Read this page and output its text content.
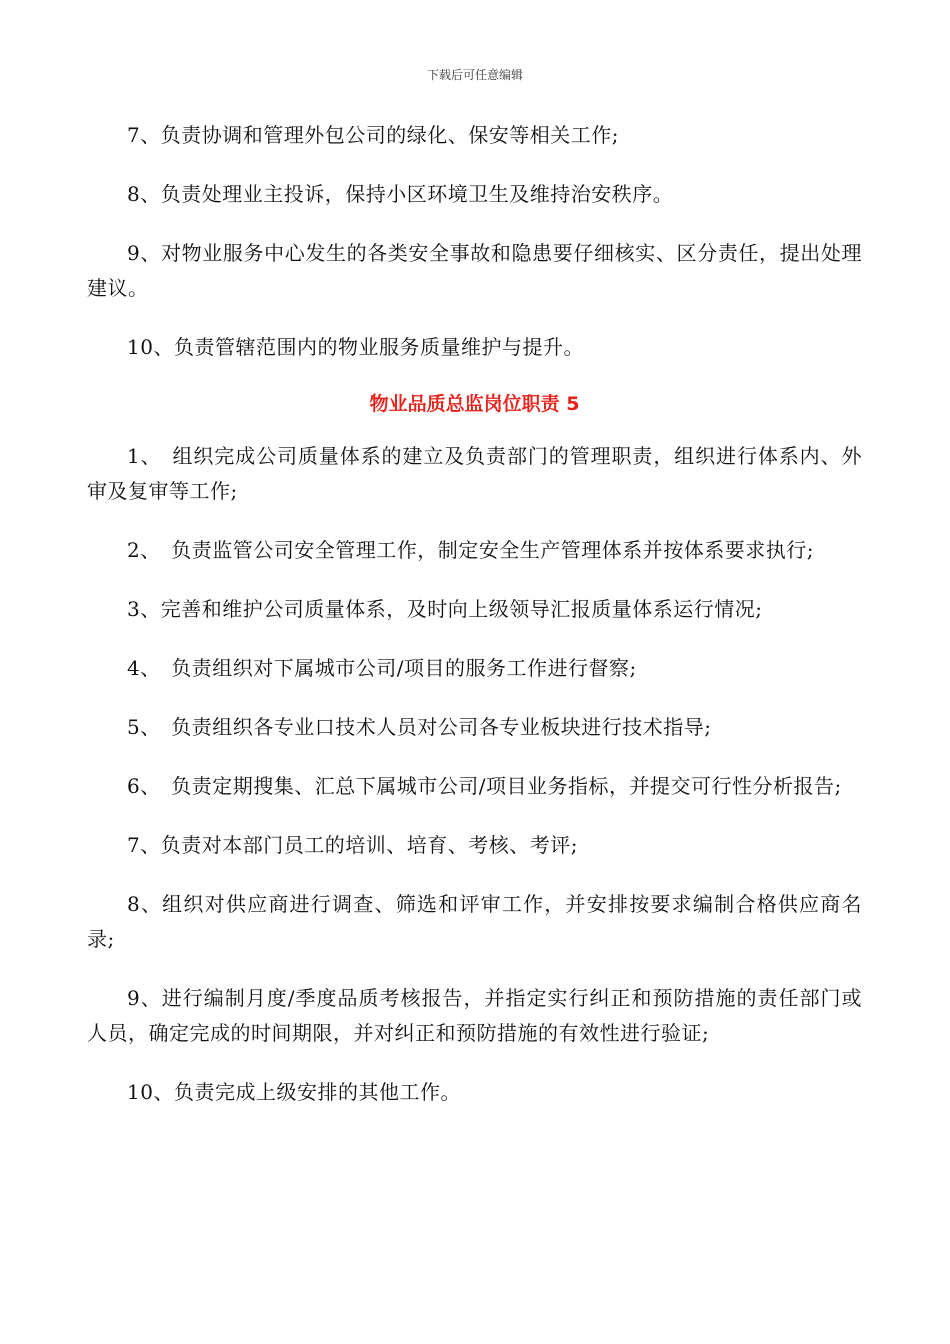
下载后可任意编辑

7、负责协调和管理外包公司的绿化、保安等相关工作;

8、负责处理业主投诉，保持小区环境卫生及维持治安秩序。

9、对物业服务中心发生的各类安全事故和隐患要仔细核实、区分责任，提出处理建议。

10、负责管辖范围内的物业服务质量维护与提升。

物业品质总监岗位职责 5

1、　组织完成公司质量体系的建立及负责部门的管理职责，组织进行体系内、外审及复审等工作;

2、　负责监管公司安全管理工作，制定安全生产管理体系并按体系要求执行;

3、完善和维护公司质量体系，及时向上级领导汇报质量体系运行情况;

4、　负责组织对下属城市公司/项目的服务工作进行督察;

5、　负责组织各专业口技术人员对公司各专业板块进行技术指导;

6、　负责定期搜集、汇总下属城市公司/项目业务指标，并提交可行性分析报告;

7、负责对本部门员工的培训、培育、考核、考评;

8、组织对供应商进行调查、筛选和评审工作，并安排按要求编制合格供应商名录;

9、进行编制月度/季度品质考核报告，并指定实行纠正和预防措施的责任部门或人员，确定完成的时间期限，并对纠正和预防措施的有效性进行验证;

10、负责完成上级安排的其他工作。
